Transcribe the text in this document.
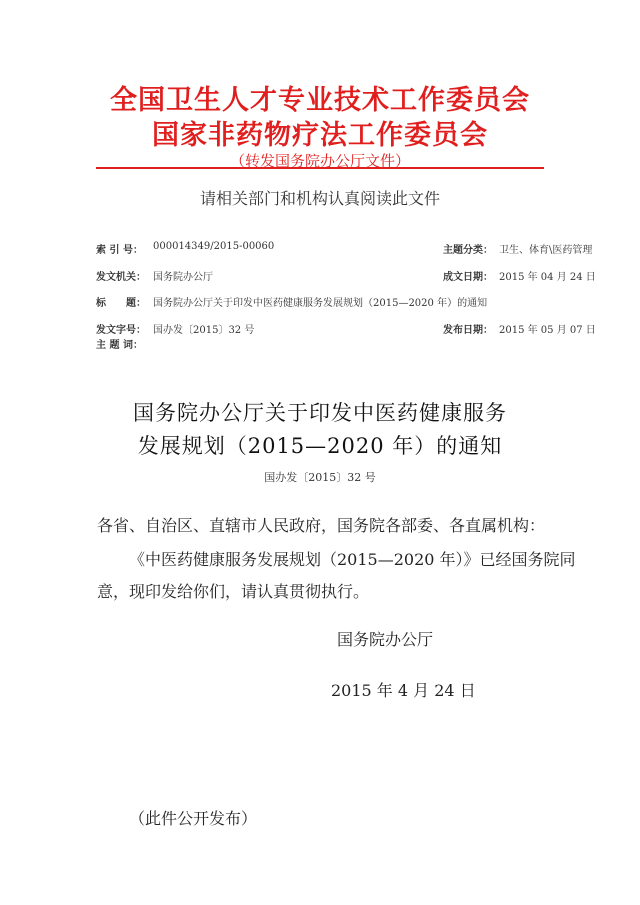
全国卫生人才专业技术工作委员会
国家非药物疗法工作委员会
（转发国务院办公厅文件）
请相关部门和机构认真阅读此文件
索 引 号： 000014349/2015-00060	主题分类： 卫生、体育\医药管理
发文机关： 国务院办公厅	成文日期： 2015 年 04 月 24 日
标　　题： 国务院办公厅关于印发中医药健康服务发展规划（2015—2020 年）的通知
发文字号： 国办发〔2015〕32 号	发布日期： 2015 年 05 月 07 日
主 题 词：
国务院办公厅关于印发中医药健康服务
发展规划（2015—2020 年）的通知
国办发〔2015〕32 号
各省、自治区、直辖市人民政府，国务院各部委、各直属机构：
《中医药健康服务发展规划（2015—2020 年）》已经国务院同
意，现印发给你们，请认真贯彻执行。
国务院办公厅
2015 年 4 月 24 日
（此件公开发布）
